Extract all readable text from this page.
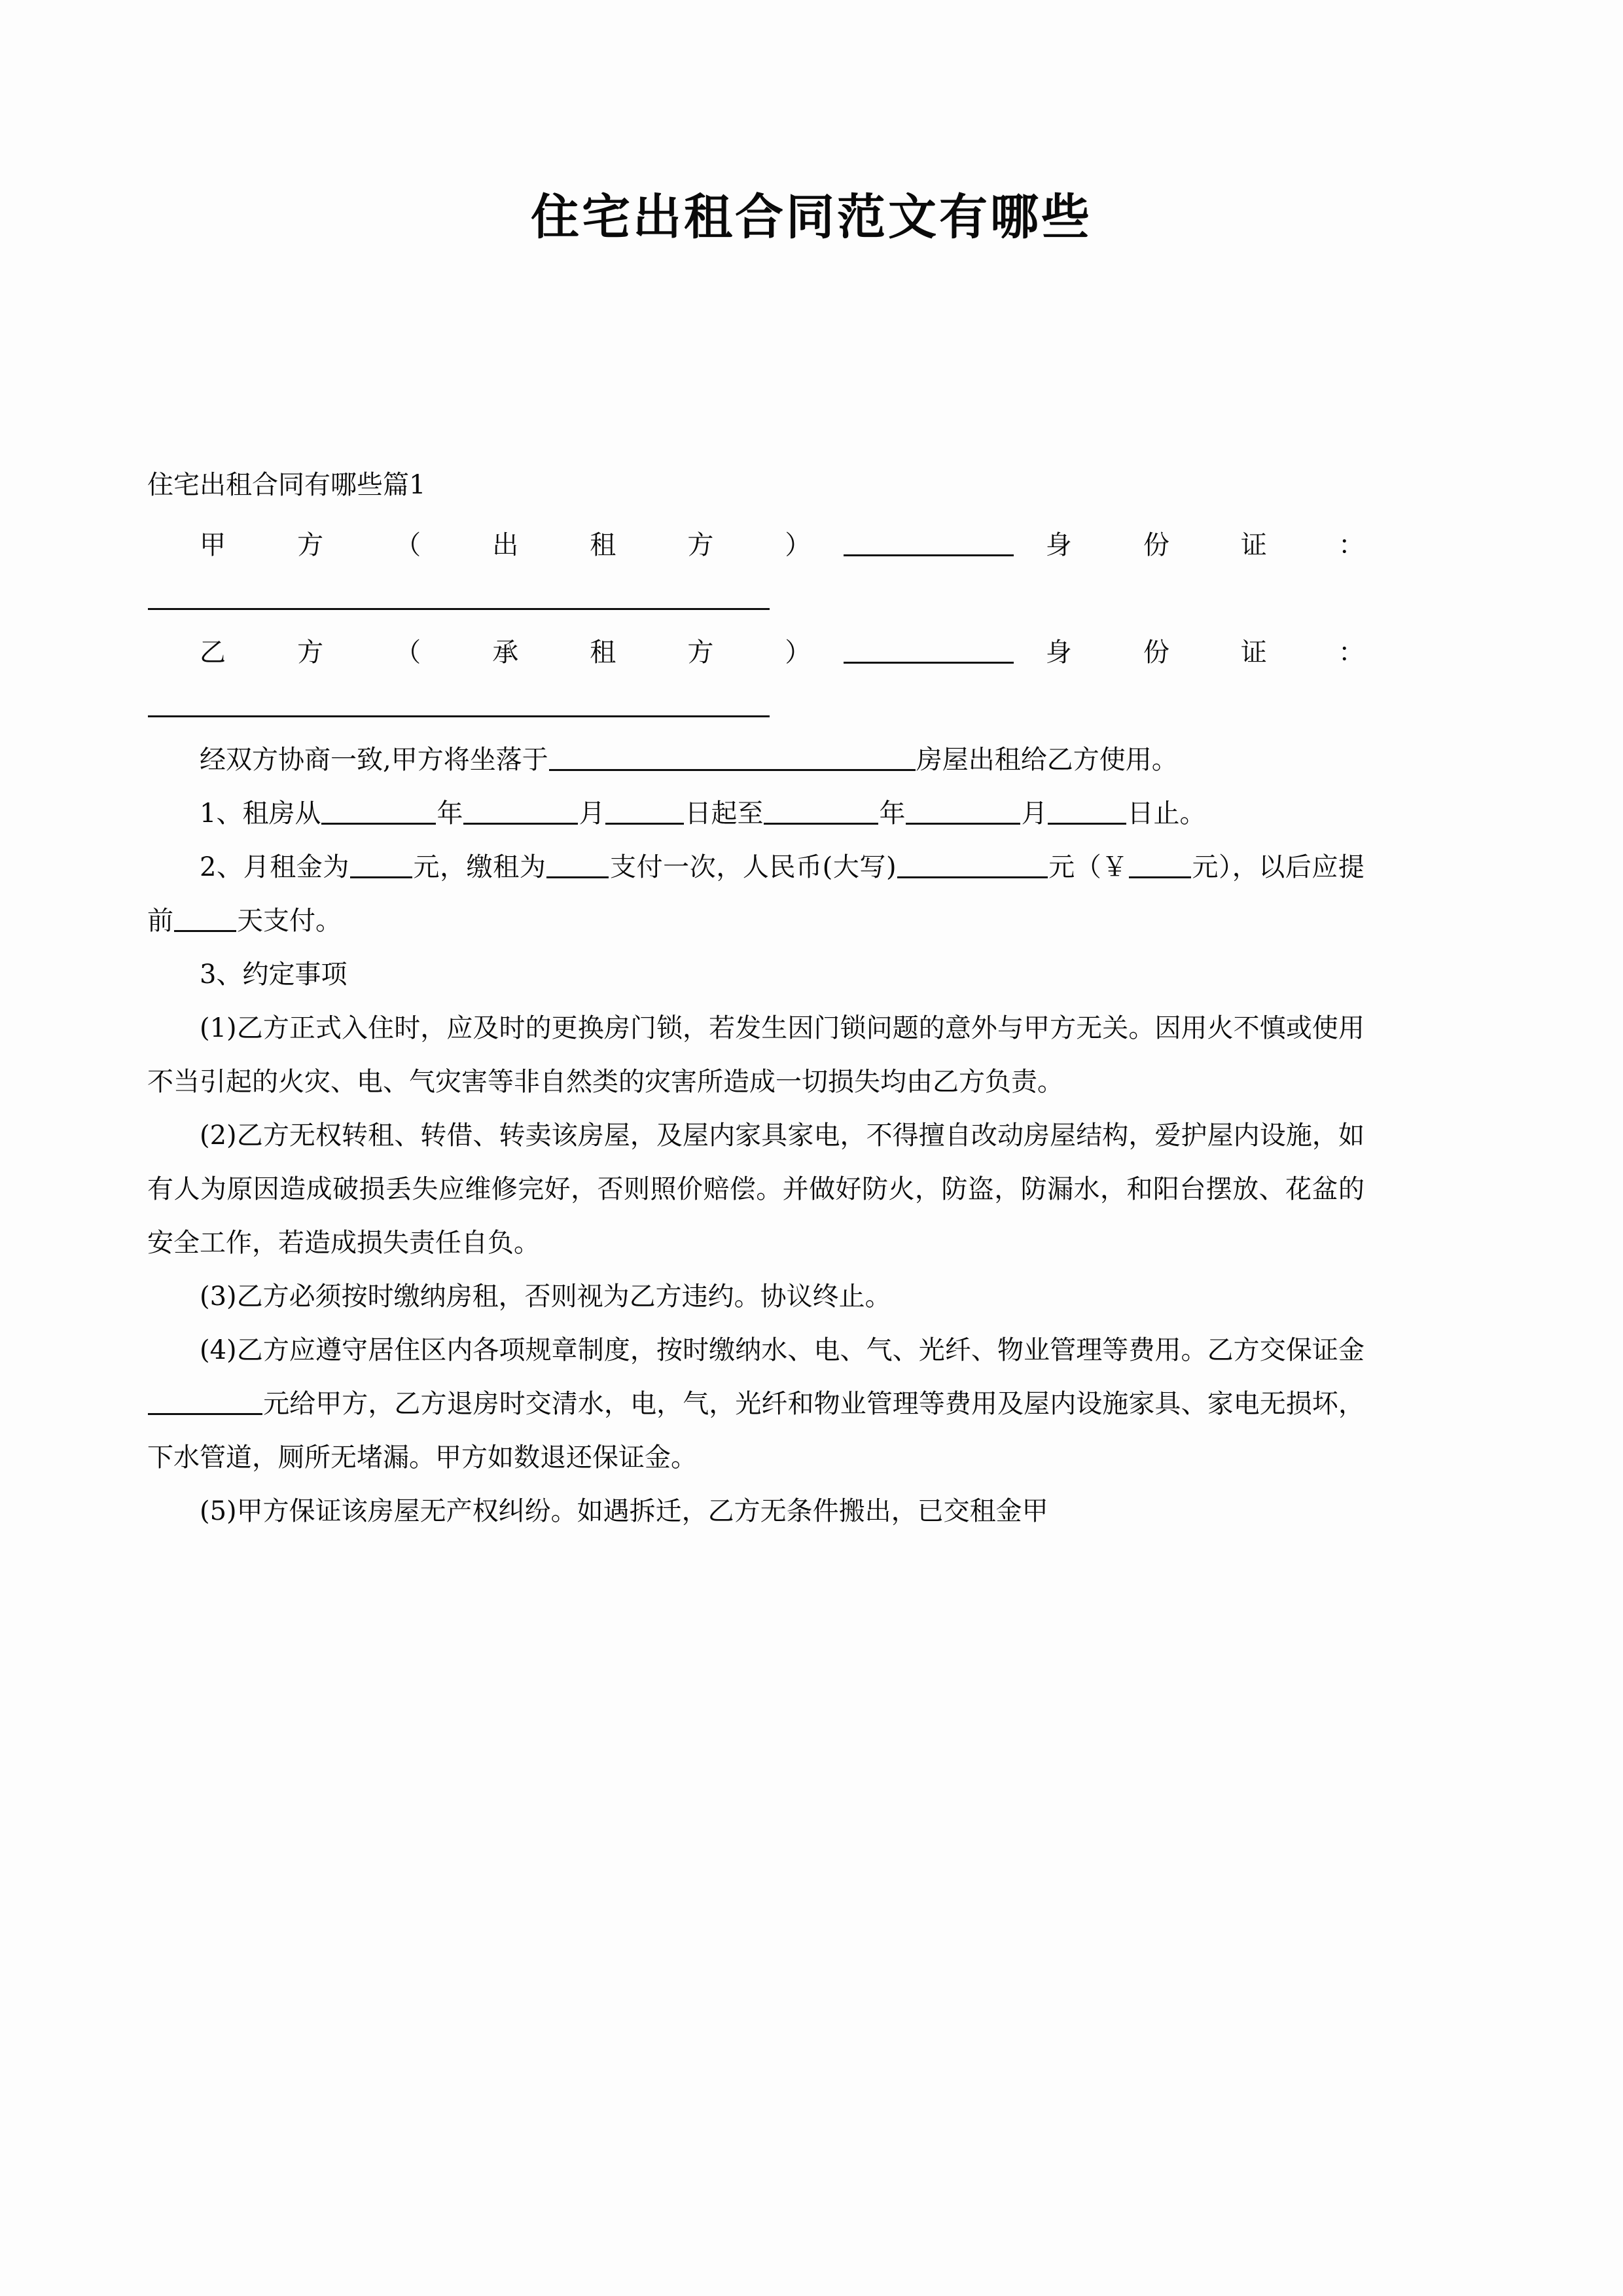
住宅出租合同范文有哪些

住宅出租合同有哪些篇1

甲 方 （ 出 租 方 ）	身 份 证 ：

乙 方 （ 承 租 方 ）	身 份 证 ：

经双方协商一致,甲方将坐落于	房屋出租给乙方使用。

1、租房从	年	月	日起至	年	月	日止。

2、月租金为 元，缴租为 支付一次，人民币(大写)	元（￥ 元），以后应提前 天支付。

3、约定事项

(1)乙方正式入住时，应及时的更换房门锁，若发生因门锁问题的意外与甲方无关。因用火不慎或使用不当引起的火灾、电、气灾害等非自然类的灾害所造成一切损失均由乙方负责。

(2)乙方无权转租、转借、转卖该房屋，及屋内家具家电，不得擅自改动房屋结构，爱护屋内设施，如有人为原因造成破损丢失应维修完好，否则照价赔偿。并做好防火，防盗，防漏水，和阳台摆放、花盆的安全工作，若造成损失责任自负。

(3)乙方必须按时缴纳房租，否则视为乙方违约。协议终止。

(4)乙方应遵守居住区内各项规章制度，按时缴纳水、电、气、光纤、物业管理等费用。乙方交保证金元给甲方，乙方退房时交清水，电，气，光纤和物业管理等费用及屋内设施家具、家电无损坏，下水管道，厕所无堵漏。甲方如数退还保证金。

(5)甲方保证该房屋无产权纠纷。如遇拆迁，乙方无条件搬出，已交租金甲
